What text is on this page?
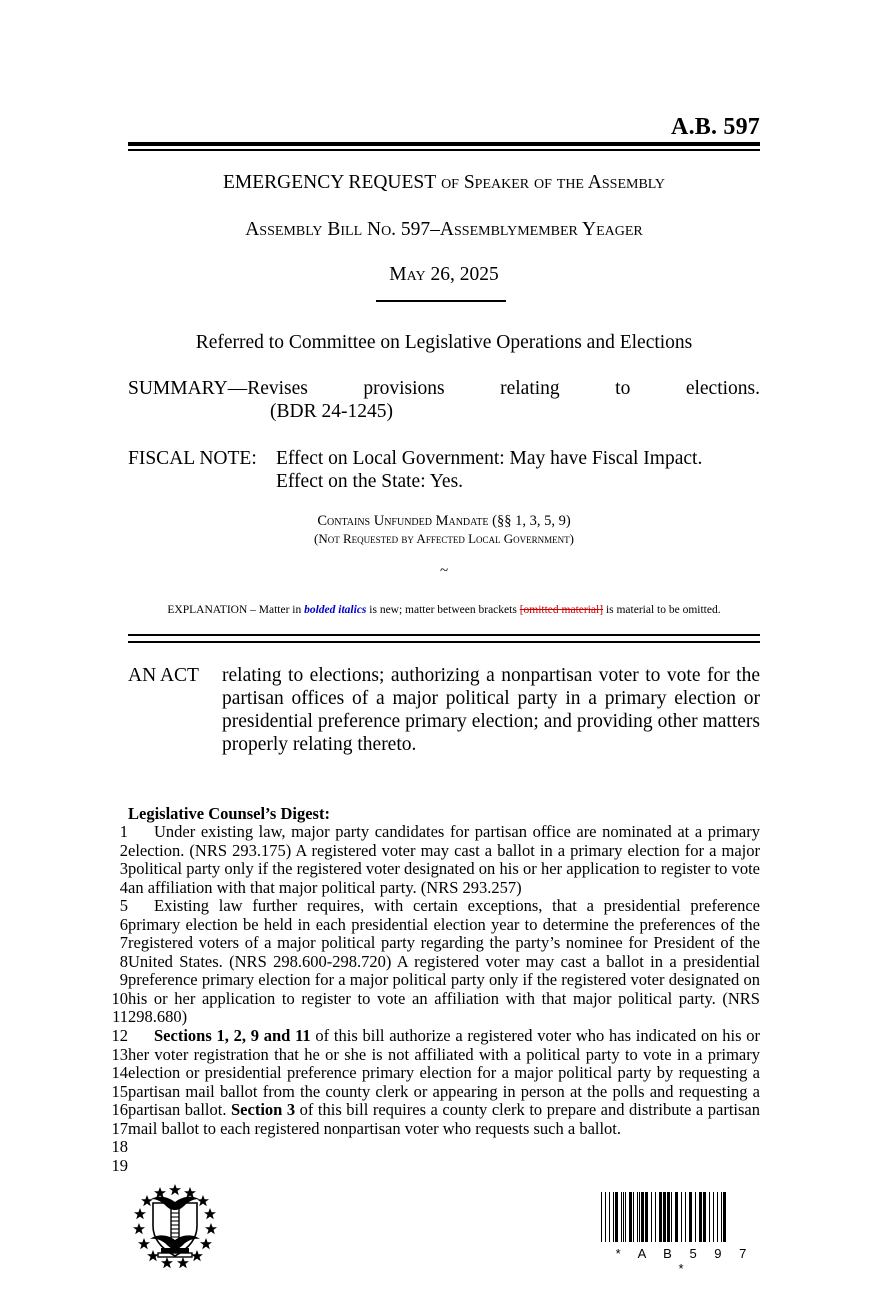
A.B. 597
EMERGENCY REQUEST of Speaker of the Assembly
Assembly Bill No. 597–Assemblymember Yeager
May 26, 2025
Referred to Committee on Legislative Operations and Elections
SUMMARY—Revises provisions relating to elections.
(BDR 24-1245)
FISCAL NOTE: Effect on Local Government: May have Fiscal Impact.
Effect on the State: Yes.
Contains Unfunded Mandate (§§ 1, 3, 5, 9)
(Not Requested by Affected Local Government)
~
EXPLANATION – Matter in bolded italics is new; matter between brackets [omitted material] is material to be omitted.
AN ACT relating to elections; authorizing a nonpartisan voter to vote for the partisan offices of a major political party in a primary election or presidential preference primary election; and providing other matters properly relating thereto.
Legislative Counsel’s Digest:
1
2
3
4
5
6
7
8
9
10
11
12
13
14
15
16
17
18
19

Under existing law, major party candidates for partisan office are nominated at a primary election. (NRS 293.175) A registered voter may cast a ballot in a primary election for a major political party only if the registered voter designated on his or her application to register to vote an affiliation with that major political party. (NRS 293.257)

Existing law further requires, with certain exceptions, that a presidential preference primary election be held in each presidential election year to determine the preferences of the registered voters of a major political party regarding the party’s nominee for President of the United States. (NRS 298.600-298.720) A registered voter may cast a ballot in a presidential preference primary election for a major political party only if the registered voter designated on his or her application to register to vote an affiliation with that major political party. (NRS 298.680)

Sections 1, 2, 9 and 11 of this bill authorize a registered voter who has indicated on his or her voter registration that he or she is not affiliated with a political party to vote in a primary election or presidential preference primary election for a major political party by requesting a partisan mail ballot from the county clerk or appearing in person at the polls and requesting a partisan ballot. Section 3 of this bill requires a county clerk to prepare and distribute a partisan mail ballot to each registered nonpartisan voter who requests such a ballot.

* A B 5 9 7 *
